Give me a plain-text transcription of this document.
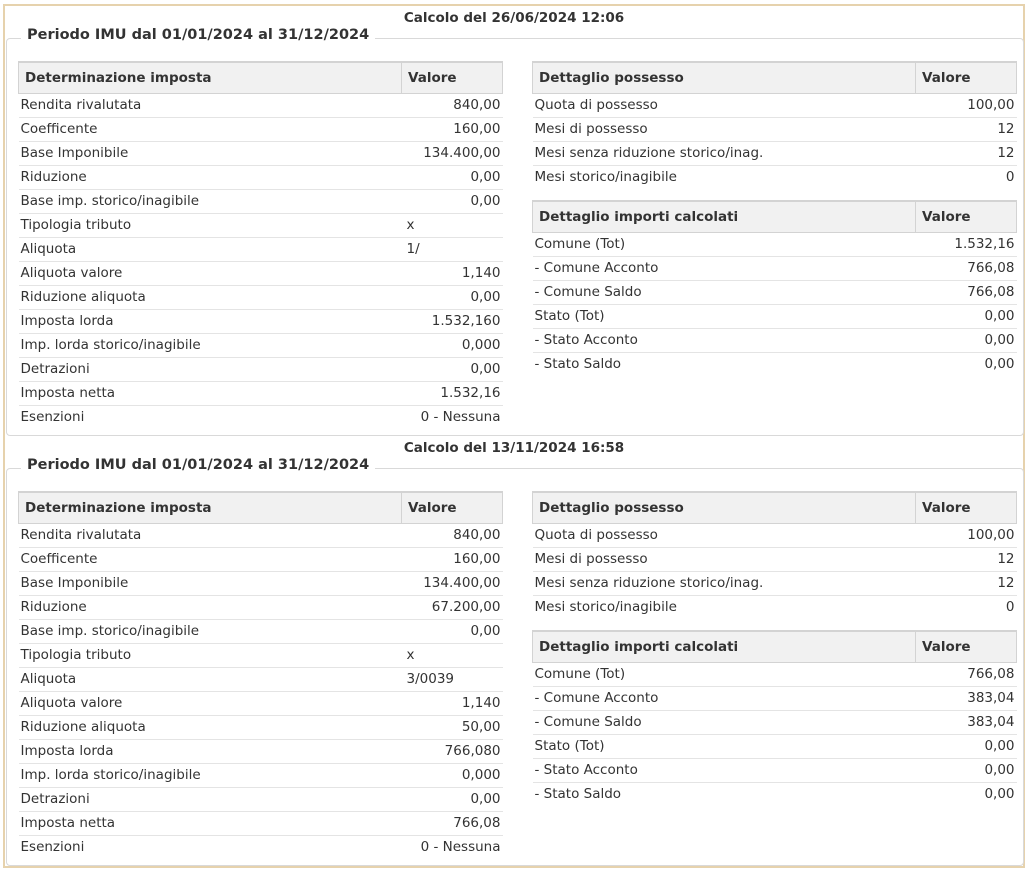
Calcolo del 26/06/2024 12:06
Periodo IMU dal 01/01/2024 al 31/12/2024
Determinazione imposta	Valore
Rendita rivalutata	840,00
Coefficente	160,00
Base Imponibile	134.400,00
Riduzione	0,00
Base imp. storico/inagibile	0,00
Tipologia tributo	x
Aliquota	1/
Aliquota valore	1,140
Riduzione aliquota	0,00
Imposta lorda	1.532,160
Imp. lorda storico/inagibile	0,000
Detrazioni	0,00
Imposta netta	1.532,16
Esenzioni	0 - Nessuna
Dettaglio possesso	Valore
Quota di possesso	100,00
Mesi di possesso	12
Mesi senza riduzione storico/inag.	12
Mesi storico/inagibile	0
Dettaglio importi calcolati	Valore
Comune (Tot)	1.532,16
- Comune Acconto	766,08
- Comune Saldo	766,08
Stato (Tot)	0,00
- Stato Acconto	0,00
- Stato Saldo	0,00
Calcolo del 13/11/2024 16:58
Periodo IMU dal 01/01/2024 al 31/12/2024
Determinazione imposta	Valore
Rendita rivalutata	840,00
Coefficente	160,00
Base Imponibile	134.400,00
Riduzione	67.200,00
Base imp. storico/inagibile	0,00
Tipologia tributo	x
Aliquota	3/0039
Aliquota valore	1,140
Riduzione aliquota	50,00
Imposta lorda	766,080
Imp. lorda storico/inagibile	0,000
Detrazioni	0,00
Imposta netta	766,08
Esenzioni	0 - Nessuna
Dettaglio possesso	Valore
Quota di possesso	100,00
Mesi di possesso	12
Mesi senza riduzione storico/inag.	12
Mesi storico/inagibile	0
Dettaglio importi calcolati	Valore
Comune (Tot)	766,08
- Comune Acconto	383,04
- Comune Saldo	383,04
Stato (Tot)	0,00
- Stato Acconto	0,00
- Stato Saldo	0,00
